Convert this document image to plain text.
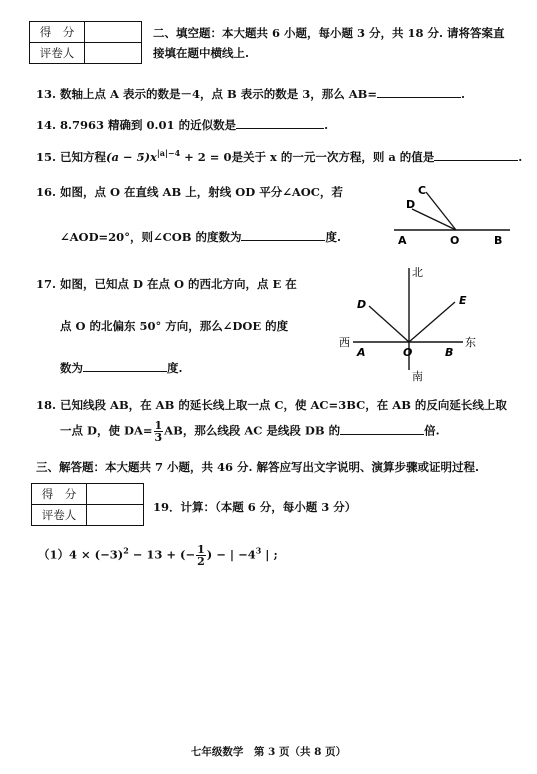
得　分	
评卷人	
二、填空题：本大题共 6 小题，每小题 3 分，共 18 分. 请将答案直
接填在题中横线上.
13. 数轴上点 A 表示的数是－4，点 B 表示的数是 3，那么 AB=	.
14. 8.7963 精确到 0.01 的近似数是	.
15. 已知方程$(a - 5)x^{|a|-4} + 2 = 0$是关于 x 的一元一次方程，则 a 的值是	.
16. 如图，点 O 在直线 AB 上，射线 OD 平分∠AOC，若
∠AOD=20°，则∠COB 的度数为	度.
C
D
A	O	B
17. 如图，已知点 D 在点 O 的西北方向，点 E 在
点 O 的北偏东 50° 方向，那么∠DOE 的度
数为	度.
北
南
西	东
A	O	B
D	E
18. 已知线段 AB，在 AB 的延长线上取一点 C，使 AC=3BC，在 AB 的反向延长线上取
一点 D，使 $DA= \frac{1}{3}$ AB，那么线段 AC 是线段 DB 的	倍.
三、解答题：本大题共 7 小题，共 46 分. 解答应写出文字说明、演算步骤或证明过程.
得　分	
评卷人	
19．计算：（本题 6 分，每小题 3 分）
$(1)4 \times (-3)^2 - 13$ + (− $\frac{1}{2}$ ) − | $-4^3$ | ;
七年级数学　第 3 页（共 8 页）
